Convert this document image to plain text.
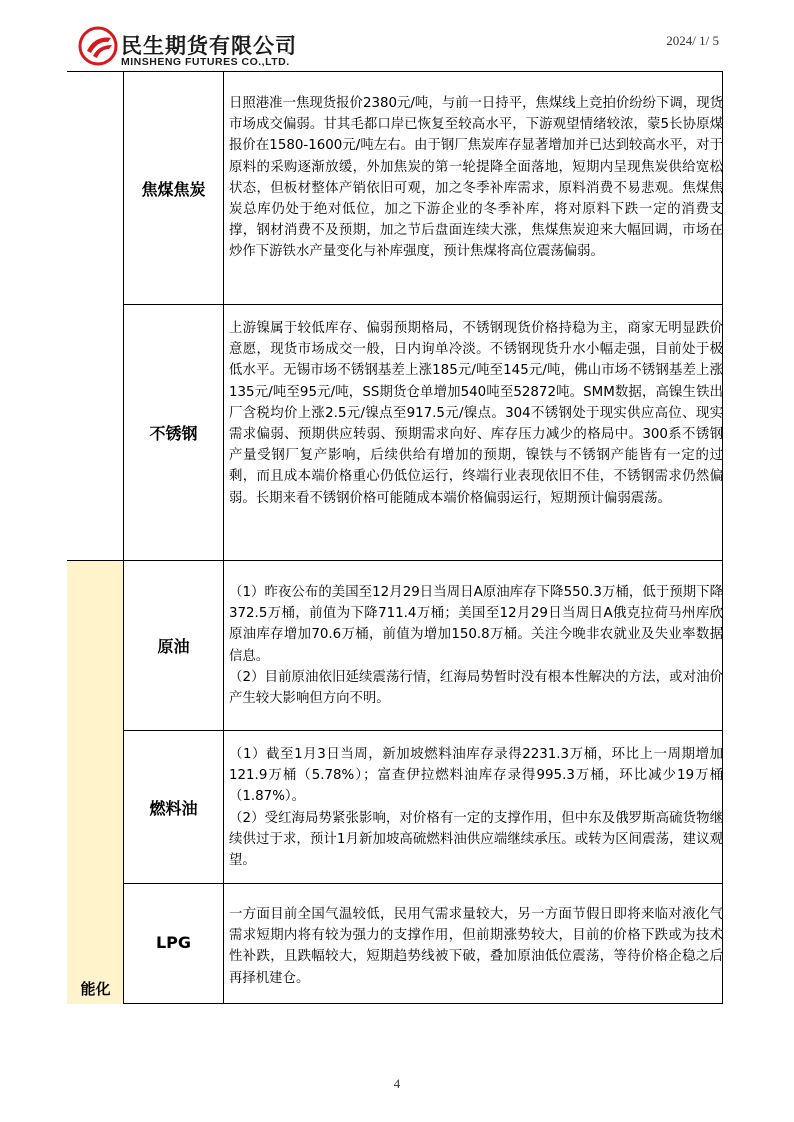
民生期货有限公司
MINSHENG FUTURES CO.,LTD.
2024/ 1/ 5
能化
焦煤焦炭

日照港准一焦现货报价2380元/吨，与前一日持平，焦煤线上竞拍价纷纷下调，现货市场成交偏弱。甘其毛都口岸已恢复至较高水平，下游观望情绪较浓，蒙5长协原煤报价在1580-1600元/吨左右。由于钢厂焦炭库存显著增加并已达到较高水平，对于原料的采购逐渐放缓，外加焦炭的第一轮提降全面落地，短期内呈现焦炭供给宽松状态，但板材整体产销依旧可观，加之冬季补库需求，原料消费不易悲观。焦煤焦炭总库仍处于绝对低位，加之下游企业的冬季补库，将对原料下跌一定的消费支撑，钢材消费不及预期，加之节后盘面连续大涨，焦煤焦炭迎来大幅回调，市场在炒作下游铁水产量变化与补库强度，预计焦煤将高位震荡偏弱。

不锈钢

上游镍属于较低库存、偏弱预期格局，不锈钢现货价格持稳为主，商家无明显跌价意愿，现货市场成交一般，日内询单冷淡。不锈钢现货升水小幅走强，目前处于极低水平。无锡市场不锈钢基差上涨185元/吨至145元/吨，佛山市场不锈钢基差上涨135元/吨至95元/吨，SS期货仓单增加540吨至52872吨。SMM数据，高镍生铁出厂含税均价上涨2.5元/镍点至917.5元/镍点。304不锈钢处于现实供应高位、现实需求偏弱、预期供应转弱、预期需求向好、库存压力减少的格局中。300系不锈钢产量受钢厂复产影响，后续供给有增加的预期，镍铁与不锈钢产能皆有一定的过剩，而且成本端价格重心仍低位运行，终端行业表现依旧不佳，不锈钢需求仍然偏弱。长期来看不锈钢价格可能随成本端价格偏弱运行，短期预计偏弱震荡。

原油

（1）昨夜公布的美国至12月29日当周日A原油库存下降550.3万桶，低于预期下降372.5万桶，前值为下降711.4万桶；美国至12月29日当周日A俄克拉荷马州库欣原油库存增加70.6万桶，前值为增加150.8万桶。关注今晚非农就业及失业率数据信息。

（2）目前原油依旧延续震荡行情，红海局势暂时没有根本性解决的方法，或对油价产生较大影响但方向不明。

燃料油

（1）截至1月3日当周，新加坡燃料油库存录得2231.3万桶，环比上一周期增加121.9万桶（5.78%）；富查伊拉燃料油库存录得995.3万桶，环比减少19万桶（1.87%）。

（2）受红海局势紧张影响，对价格有一定的支撑作用，但中东及俄罗斯高硫货物继续供过于求，预计1月新加坡高硫燃料油供应端继续承压。或转为区间震荡，建议观望。

LPG

一方面目前全国气温较低，民用气需求量较大，另一方面节假日即将来临对液化气需求短期内将有较为强力的支撑作用，但前期涨势较大，目前的价格下跌或为技术性补跌，且跌幅较大，短期趋势线被下破，叠加原油低位震荡，等待价格企稳之后再择机建仓。

4
